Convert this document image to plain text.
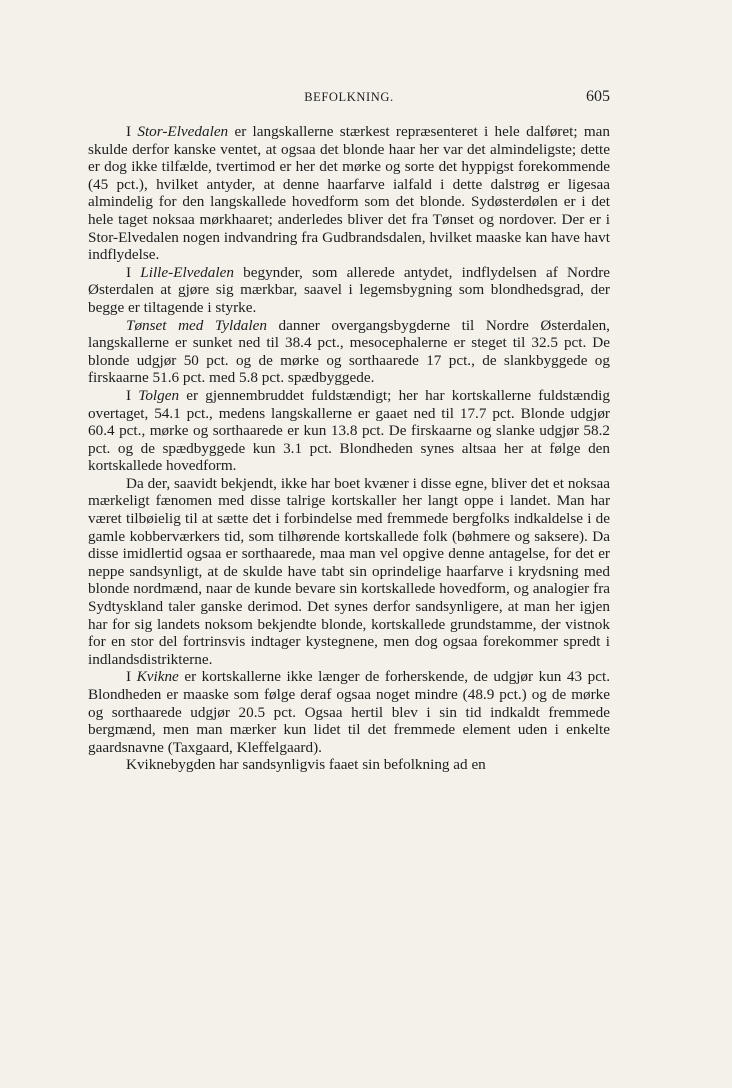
BEFOLKNING.	605

I Stor-Elvedalen er langskallerne stærkest repræsenteret i hele dalføret; man skulde derfor kanske ventet, at ogsaa det blonde haar her var det almindeligste; dette er dog ikke tilfælde, tvertimod er her det mørke og sorte det hyppigst forekommende (45 pct.), hvilket antyder, at denne haarfarve ialfald i dette dalstrøg er ligesaa almindelig for den langskallede hovedform som det blonde. Sydøsterdølen er i det hele taget noksaa mørkhaaret; anderledes bliver det fra Tønset og nordover. Der er i Stor-Elvedalen nogen indvandring fra Gudbrandsdalen, hvilket maaske kan have havt indflydelse.

I Lille-Elvedalen begynder, som allerede antydet, indflydelsen af Nordre Østerdalen at gjøre sig mærkbar, saavel i legemsbygning som blondhedsgrad, der begge er tiltagende i styrke.

Tønset med Tyldalen danner overgangsbygderne til Nordre Østerdalen, langskallerne er sunket ned til 38.4 pct., mesocephalerne er steget til 32.5 pct. De blonde udgjør 50 pct. og de mørke og sorthaarede 17 pct., de slankbyggede og firskaarne 51.6 pct. med 5.8 pct. spædbyggede.

I Tolgen er gjennembruddet fuldstændigt; her har kortskallerne fuldstændig overtaget, 54.1 pct., medens langskallerne er gaaet ned til 17.7 pct. Blonde udgjør 60.4 pct., mørke og sorthaarede er kun 13.8 pct. De firskaarne og slanke udgjør 58.2 pct. og de spædbyggede kun 3.1 pct. Blondheden synes altsaa her at følge den kortskallede hovedform.

Da der, saavidt bekjendt, ikke har boet kvæner i disse egne, bliver det et noksaa mærkeligt fænomen med disse talrige kortskaller her langt oppe i landet. Man har været tilbøielig til at sætte det i forbindelse med fremmede bergfolks indkaldelse i de gamle kobberværkers tid, som tilhørende kortskallede folk (bøhmere og saksere). Da disse imidlertid ogsaa er sorthaarede, maa man vel opgive denne antagelse, for det er neppe sandsynligt, at de skulde have tabt sin oprindelige haarfarve i krydsning med blonde nordmænd, naar de kunde bevare sin kortskallede hovedform, og analogier fra Sydtyskland taler ganske derimod. Det synes derfor sandsynligere, at man her igjen har for sig landets noksom bekjendte blonde, kortskallede grundstamme, der vistnok for en stor del fortrinsvis indtager kystegnene, men dog ogsaa forekommer spredt i indlandsdistrikterne.

I Kvikne er kortskallerne ikke længer de forherskende, de udgjør kun 43 pct. Blondheden er maaske som følge deraf ogsaa noget mindre (48.9 pct.) og de mørke og sorthaarede udgjør 20.5 pct. Ogsaa hertil blev i sin tid indkaldt fremmede bergmænd, men man mærker kun lidet til det fremmede element uden i enkelte gaardsnavne (Taxgaard, Kleffelgaard).

Kviknebygden har sandsynligvis faaet sin befolkning ad en
